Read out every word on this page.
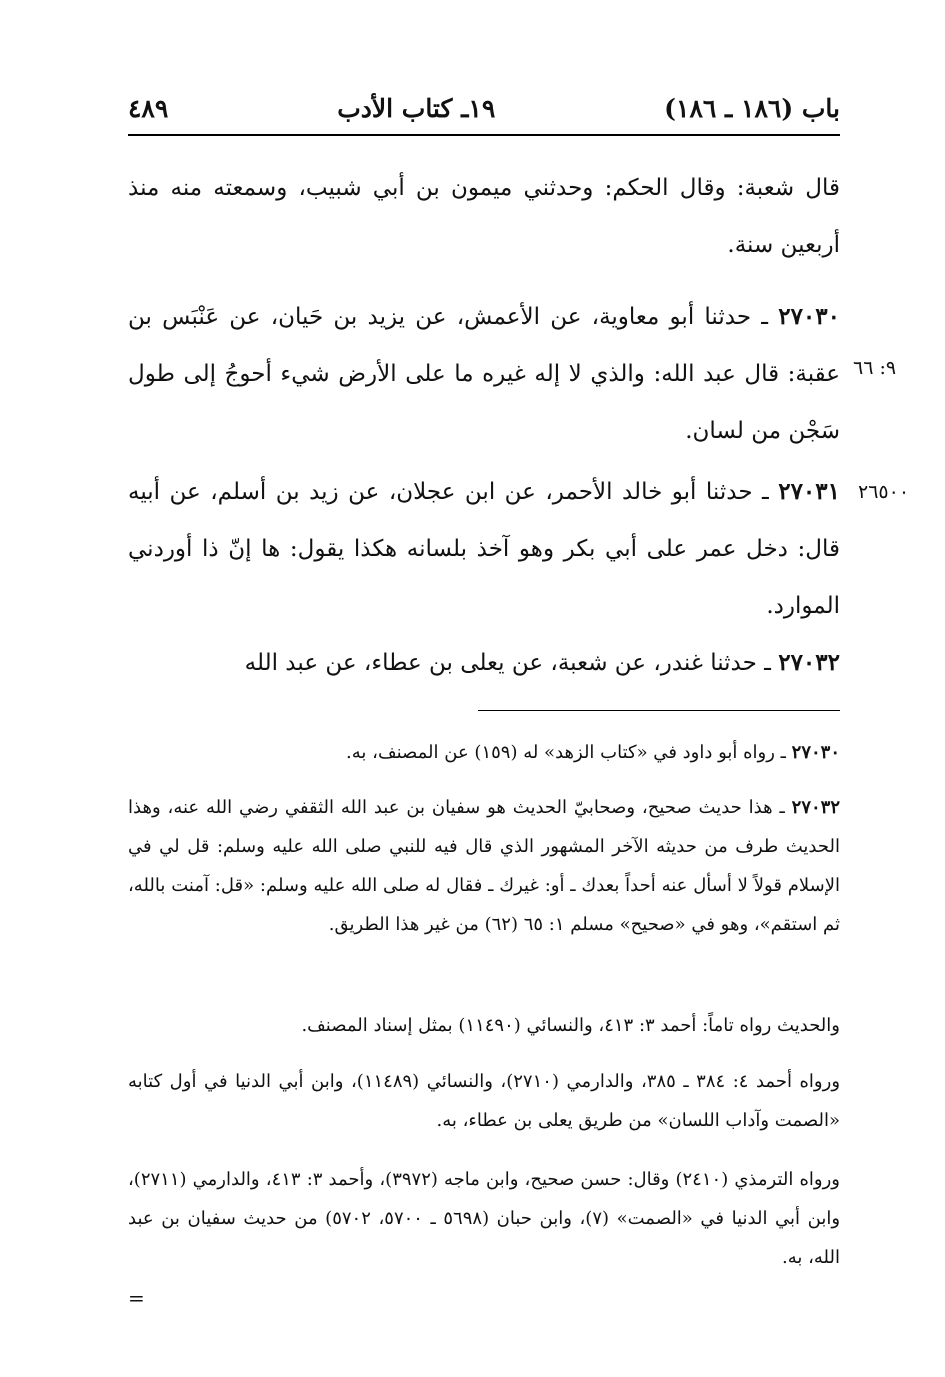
باب (١٨٦ ـ ١٨٦)
١٩ـ كتاب الأدب
٤٨٩

قال شعبة: وقال الحكم: وحدثني ميمون بن أبي شبيب، وسمعته منه منذ أربعين سنة.

٢٧٠٣٠ ـ حدثنا أبو معاوية، عن الأعمش، عن يزيد بن حَيان، عن عَنْبَس بن عقبة: قال عبد الله: والذي لا إله غيره ما على الأرض شيء أحوجُ إلى طول سَجْن من لسان.

٩: ٦٦

٢٧٠٣١ ـ حدثنا أبو خالد الأحمر، عن ابن عجلان، عن زيد بن أسلم، عن أبيه قال: دخل عمر على أبي بكر وهو آخذ بلسانه هكذا يقول: ها إنّ ذا أوردني الموارد.

٢٦٥٠٠

٢٧٠٣٢ ـ حدثنا غندر، عن شعبة، عن يعلى بن عطاء، عن عبد الله

٢٧٠٣٠ ـ رواه أبو داود في «كتاب الزهد» له (١٥٩) عن المصنف، به.

٢٧٠٣٢ ـ هذا حديث صحيح، وصحابيّ الحديث هو سفيان بن عبد الله الثقفي رضي الله عنه، وهذا الحديث طرف من حديثه الآخر المشهور الذي قال فيه للنبي صلى الله عليه وسلم: قل لي في الإسلام قولاً لا أسأل عنه أحداً بعدك ـ أو: غيرك ـ فقال له صلى الله عليه وسلم: «قل: آمنت بالله، ثم استقم»، وهو في «صحيح» مسلم ١: ٦٥ (٦٢) من غير هذا الطريق.

والحديث رواه تاماً: أحمد ٣: ٤١٣، والنسائي (١١٤٩٠) بمثل إسناد المصنف.

ورواه أحمد ٤: ٣٨٤ ـ ٣٨٥، والدارمي (٢٧١٠)، والنسائي (١١٤٨٩)، وابن أبي الدنيا في أول كتابه «الصمت وآداب اللسان» من طريق يعلى بن عطاء، به.

ورواه الترمذي (٢٤١٠) وقال: حسن صحيح، وابن ماجه (٣٩٧٢)، وأحمد ٣: ٤١٣، والدارمي (٢٧١١)، وابن أبي الدنيا في «الصمت» (٧)، وابن حبان (٥٦٩٨ ـ ٥٧٠٠، ٥٧٠٢) من حديث سفيان بن عبد الله، به.

=
